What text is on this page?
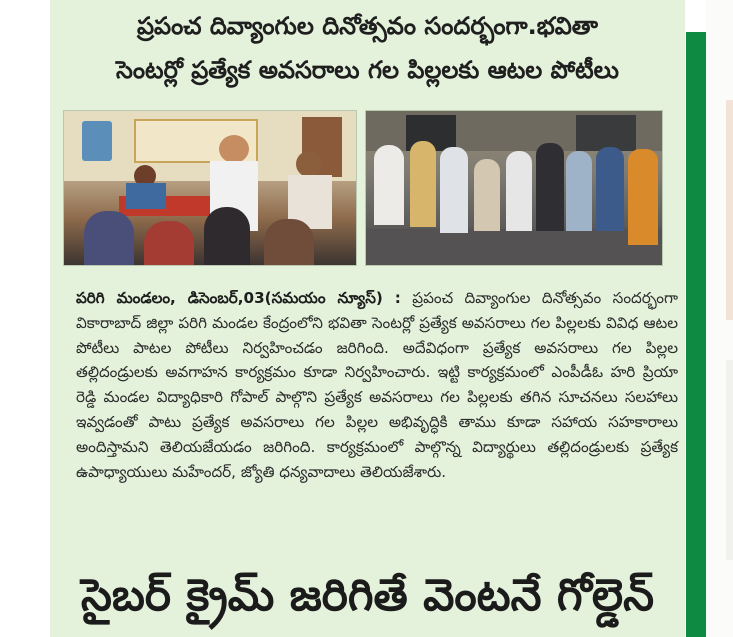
ప్రపంచ దివ్యాంగుల దినోత్సవం సందర్భంగా.భవితా
సెంటర్లో ప్రత్యేక అవసరాలు గల పిల్లలకు ఆటల పోటీలు
పరిగి మండలం, డిసెంబర్,03(సమయం న్యూస్) : ప్రపంచ దివ్యాంగుల దినోత్సవం సందర్భంగా వికారాబాద్ జిల్లా పరిగి మండల కేంద్రంలోని భవితా సెంటర్లో ప్రత్యేక అవసరాలు గల పిల్లలకు వివిధ ఆటల పోటీలు పాటల పోటీలు నిర్వహించడం జరిగింది. అదేవిధంగా ప్రత్యేక అవసరాలు గల పిల్లల తల్లిదండ్రులకు అవగాహన కార్యక్రమం కూడా నిర్వహించారు. ఇట్టి కార్యక్రమంలో ఎంపీడీఓ హరి ప్రియా రెడ్డి మండల విద్యాధికారి గోపాల్ పాల్గొని ప్రత్యేక అవసరాలు గల పిల్లలకు తగిన సూచనలు సలహాలు ఇవ్వడంతో పాటు ప్రత్యేక అవసరాలు గల పిల్లల అభివృద్ధికి తాము కూడా సహాయ సహకారాలు అందిస్తామని తెలియజేయడం జరిగింది. కార్యక్రమంలో పాల్గొన్న విద్యార్థులు తల్లిదండ్రులకు ప్రత్యేక ఉపాధ్యాయులు మహేందర్, జ్యోతి ధన్యవాదాలు తెలియజేశారు.
సైబర్ క్రైమ్ జరిగితే వెంటనే గోల్డెన్
